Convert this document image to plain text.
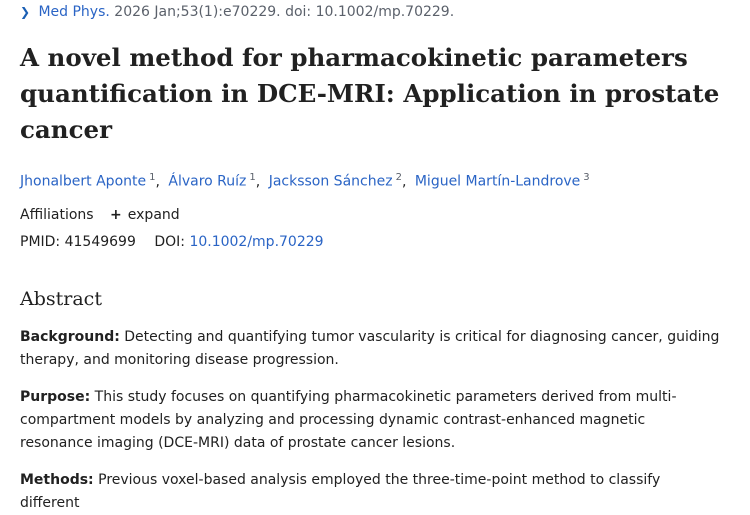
❯ Med Phys. 2026 Jan;53(1):e70229. doi: 10.1002/mp.70229.
A novel method for pharmacokinetic parameters quantification in DCE-MRI: Application in prostate cancer
Jhonalbert Aponte $^1$, Álvaro Ruíz $^1$, Jacksson Sánchez $^2$, Miguel Martín-Landrove $^3$
Affiliations + expand
PMID: 41549699 DOI: 10.1002/mp.70229
Abstract

Background: Detecting and quantifying tumor vascularity is critical for diagnosing cancer, guiding therapy, and monitoring disease progression.

Purpose: This study focuses on quantifying pharmacokinetic parameters derived from multi-compartment models by analyzing and processing dynamic contrast-enhanced magnetic resonance imaging (DCE-MRI) data of prostate cancer lesions.

Methods: Previous voxel-based analysis employed the three-time-point method to classify different
